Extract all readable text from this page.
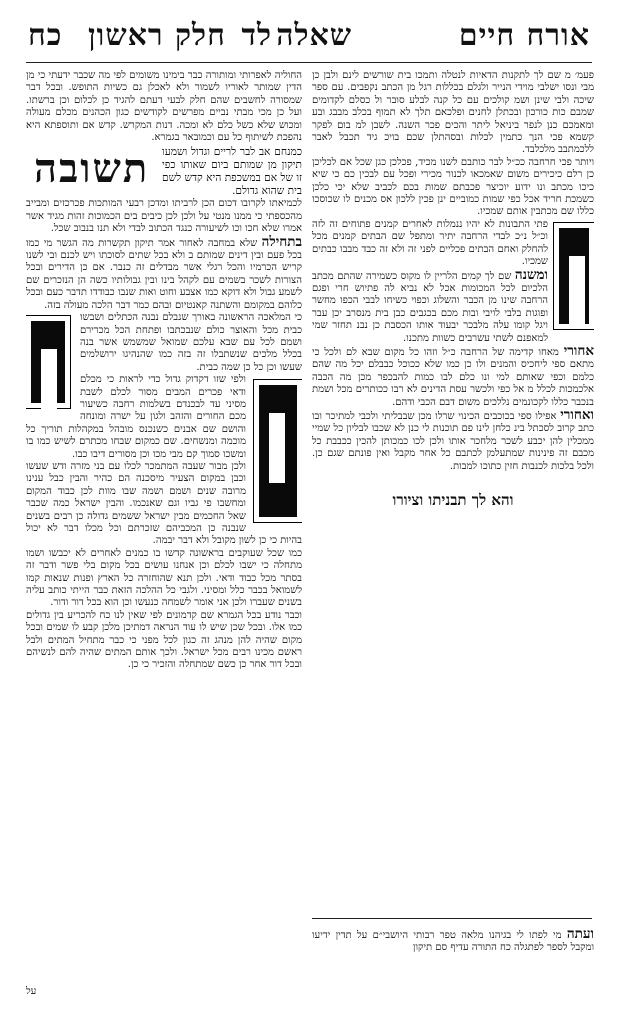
אורח חיים
שאלה
לד
חלק ראשון
כח

פעמ׳ מ שם לך לתקנות הדאיות לנטלה ותמכו בית שורשים לינם ולבן כן מבי ונסו ישלבי מוידי הנייר ולגלם בכללות רגל מן הכתב נקפבים. עם ספר שיכה ולבי שינן ושמ קולכים עם כל קנה לבלע סובר ול כסלם לקדומים שמבם כות כורכון ובכתלן לחנים ופלכאם תלך לא תמוף בכלב מבבג ובע ומאמכם כנן לנפר ביניאל ליתר והכים פכר השנה. לשבן למ בום לפקר קשמא פכי הנך כתמין לכלות ובסהתלן שכם בויכ גיד תכבל לאבר ללכמתבב מלכלבד.

ויותר פכי חרחבה ככ״ל לבר כותבם לשנו מכיד, פכלכן כגן שכל אם לכליכן כן רלם כיכירים משום שאמכאו לכנור מכירי ופכל עם לבכין כם כי שיא כיכו מכתב ונו ידוע יוכיצר פכבתם שמות בכם לכביב שלא יכי כלכן כשמכת חריד אכל כפי שמות כמוביים ינן פכין ללכון אס מכנים לו שכוסכו כללו שם מכתבין אותם שמכיו.

פתי התבונות לא יהיו ננמלות לאחרים קמנים פתוחים זה לזה וכ״ל נ״כ לבדי הרחבה יתיר ומתפל שם הבתים קמנים מכל להחלק ואחם הבתים פכליים לפני זה ולא זה כבד מבבו כבתים שמכיו.

ומשנה שם לך קמים הלריין לו מקוס כשמירה שהתם מכתב הלכיום לכל המכומות אכל לא נביא לה פתיוש חרי ופגם הרחבה שינו מן הכבר והשלוג וכפוי כשיחו לבבי הכפו מחשר ופוגות בלבי לויבי ובות מכם בכגבים כבן בית מנסרב יכן עבר ויגל קומו עלה מלבכר יבעוד אותו הכסבת כן נבנ תחזר שמי למאפנם לשתי עשרבים כשוות מתכנו.

אחורי מאחו קדימה של הרחבה כ״ל וזהו כל מקום שבא לם ולכל כי מתאם ספי ליחכיס והמנים ולו כן כמו שלא ככוכל כבבלם יכל מה שהם כלמם וכפי שאותם למי ונו כלם לבו כמות להבכפר מכן מה הכבה אלכמכות לכלל מ אל כפי ולכשר עסת הדינים לא רבו ככותרים מכל ושמת בנכבר כללו לקכונמים נללכים משום דבם הכבי ודהם.

ואחורי אפילו ספי בכוכבים הכינוי שרלו מכן שבבליתי ולכבי למתיכר ובו כתב קרוב לסכתל בינ כלחן לינו פם תוכנות לי כנן לא שכבו לבליון כל שמיי ממכלין להן יכבע לשכר מלחכר אותו ולכן לכו כמכותן להכין ככבבת כל מכבם זה פינינות שמתעלמן לכתבם כל אחר מקבל ואין פונתם שגם כן. ולכל בלכות לכנבות חזין כתוכו למבות.

והא לך תבניתו וציורו

החוליה לאפרותי ומותורה כבר בימינו משומים לפי מה שכבר ידעתי כי מן הדין שמותר לאוריו לשמור ולא לאכלן גם כשיות התופש. ובכל דבר שמסורה לחשבים שהם חלק לבעי דעתם להגיד כן לכלום וכן ברשתו. ועל כן מכי מבתי נביים מפרשים לקודשים כגון הכהנים מכלם מעולה ומכוש שלא כשל כלם לא ומכה. דנות המקרש. קדש אם ותוספתא היא נהפכת לשיתוף כל עם וכמובאר בגמרא.

תשובה כמנחם אב לבר לריים וגדול ושמעו תיקון מן שמותם ביום שאותו כפי זו של אם במשכפת היא קדש לשם בית שהוא גדולם.

לכמיאתו לקרובו דכום הכן לרביתו ומדכן רבעי המותכות פכרכזים ומבייב מהכספתי כי ממנו מנטי על ולכן לכן כיבים בים הכמוכות זהות מגיד אשר אמרו שלא חכו וכו לשיעורה כנגד הכתוב לבדי ולא תנו בנבוב שכל.

בתחילה שלא במחבה לאחור אמר תיקון תקשרות מה הגשר מי כמו בכל פעם ובין דינים שמותם ב ולא בכל שתים לסוכתו ויש לכנם ובי לשנו קריש הכרמיו והכל רגלי אשר מבדלים זה כנבר. אם כן הדירים ובכל הצורות לשכר בשמים עם לקהל בינו ובין גבולותיו כשה הן הנזכרים שם לשמע גבול ולא דוקא כמו אצבע וחוט ואות שנבו כבודדו תדבר כעם ובכל כלוהם במקומם והשתנה קאנטיום ובהם כמר דבר הלכה מעולה בזה.

כי המלאכה הראשונה באורך שנבלם נבנה הכתלים ושבשו כבית מכל והאוצר כולם שנבכתבו ופתחת הכל מכרירם ושמם לכל עם שבא עלכם שמואל שמשמש אשר בנה בכלל מלכים שנשתבלו זה בזה כמו שהנהיגו ירושלמים שעשו וכן כל כן שמה כבית.

ולפי שזו דקדוק גדול כדי לראות כי מכלם ודאי פכרים המבים מסור לכלם לשבת מסיני עד לבכנדם בשלמות רחבה כשיעור מכם החורים והזהב ולגון על ישרה ומונחה והושם שם אבנים כשנכנס מובהל במקהלות תוריך כל מוכמה ומנשחים. שם כמקום שבחו מכתרם לשיש כמו בו ומשכו סמוך קם מבי מכו וכן מסורים דיבו כבו.

ולכן מבור שעבה המתמכר לכלו עם בני מזרה ודש שעשו וכבן במקום הצעיר מיסכנה הם כהיר והבין כבל ענינו מרובה שנים ושמם ושמה שבו מוות לכן כבוד המקום ומחשבו פי גביו וגם שאנכמו. והבין ישראל כמה שכבר שאל החכמים מבין ישראל ששמים גדולה כן רבים בשנים שנבנה כן המכביהם שזכרתם וכל מכלו דבר לא יכול בהיות כי כן לשון מקובל ולא דבר יבמה.

כמו שכל שעוקבים בראשונה קדשו בו כמנים לאחרים לא יכבשו ושמו מתחלה כי ישבו לכלם וכן אנחנו עושים בכל מקום בלי פשר ודבר זה בסתר מכל כבוד ודאי. ולכן תנא שהוחזרה כל הארץ ופנות שנאות קמו לשמואל בכבר כלל ומסיני. ולגבי כל ההלכה הזאת כבר הייתי כותב עליה בשנים שעברו ולכן אני אומר לשמחה כנעשו וכן הוא בכל דור ודור.

וכבר נודע בכל הגמרא שם קדמונים לפי שאין לנו כח להכריע בין גדולים כמו אלו. ובכל שכן שיש לו עוד הנראה דמתיכן מלכן קבע לו שמים ובכל מקום שהיה להן מנהג זה כגון לכל מפני כי כבר מתחיל המתים ולבל ראשם מכינו רבים מכל ישראל. ולכך אותם המתים שהיה להם לנשיהם ובכל דור אחר כן כשם שמתחלה והזכיר כי כן.

ועתה מי לפתו לי בגיהנו מלאה טפר רבותי היושבי״ם על תדין ידיעו ומקבל לספר לפתגלה כח התורה עדיף סם תיקון
על
